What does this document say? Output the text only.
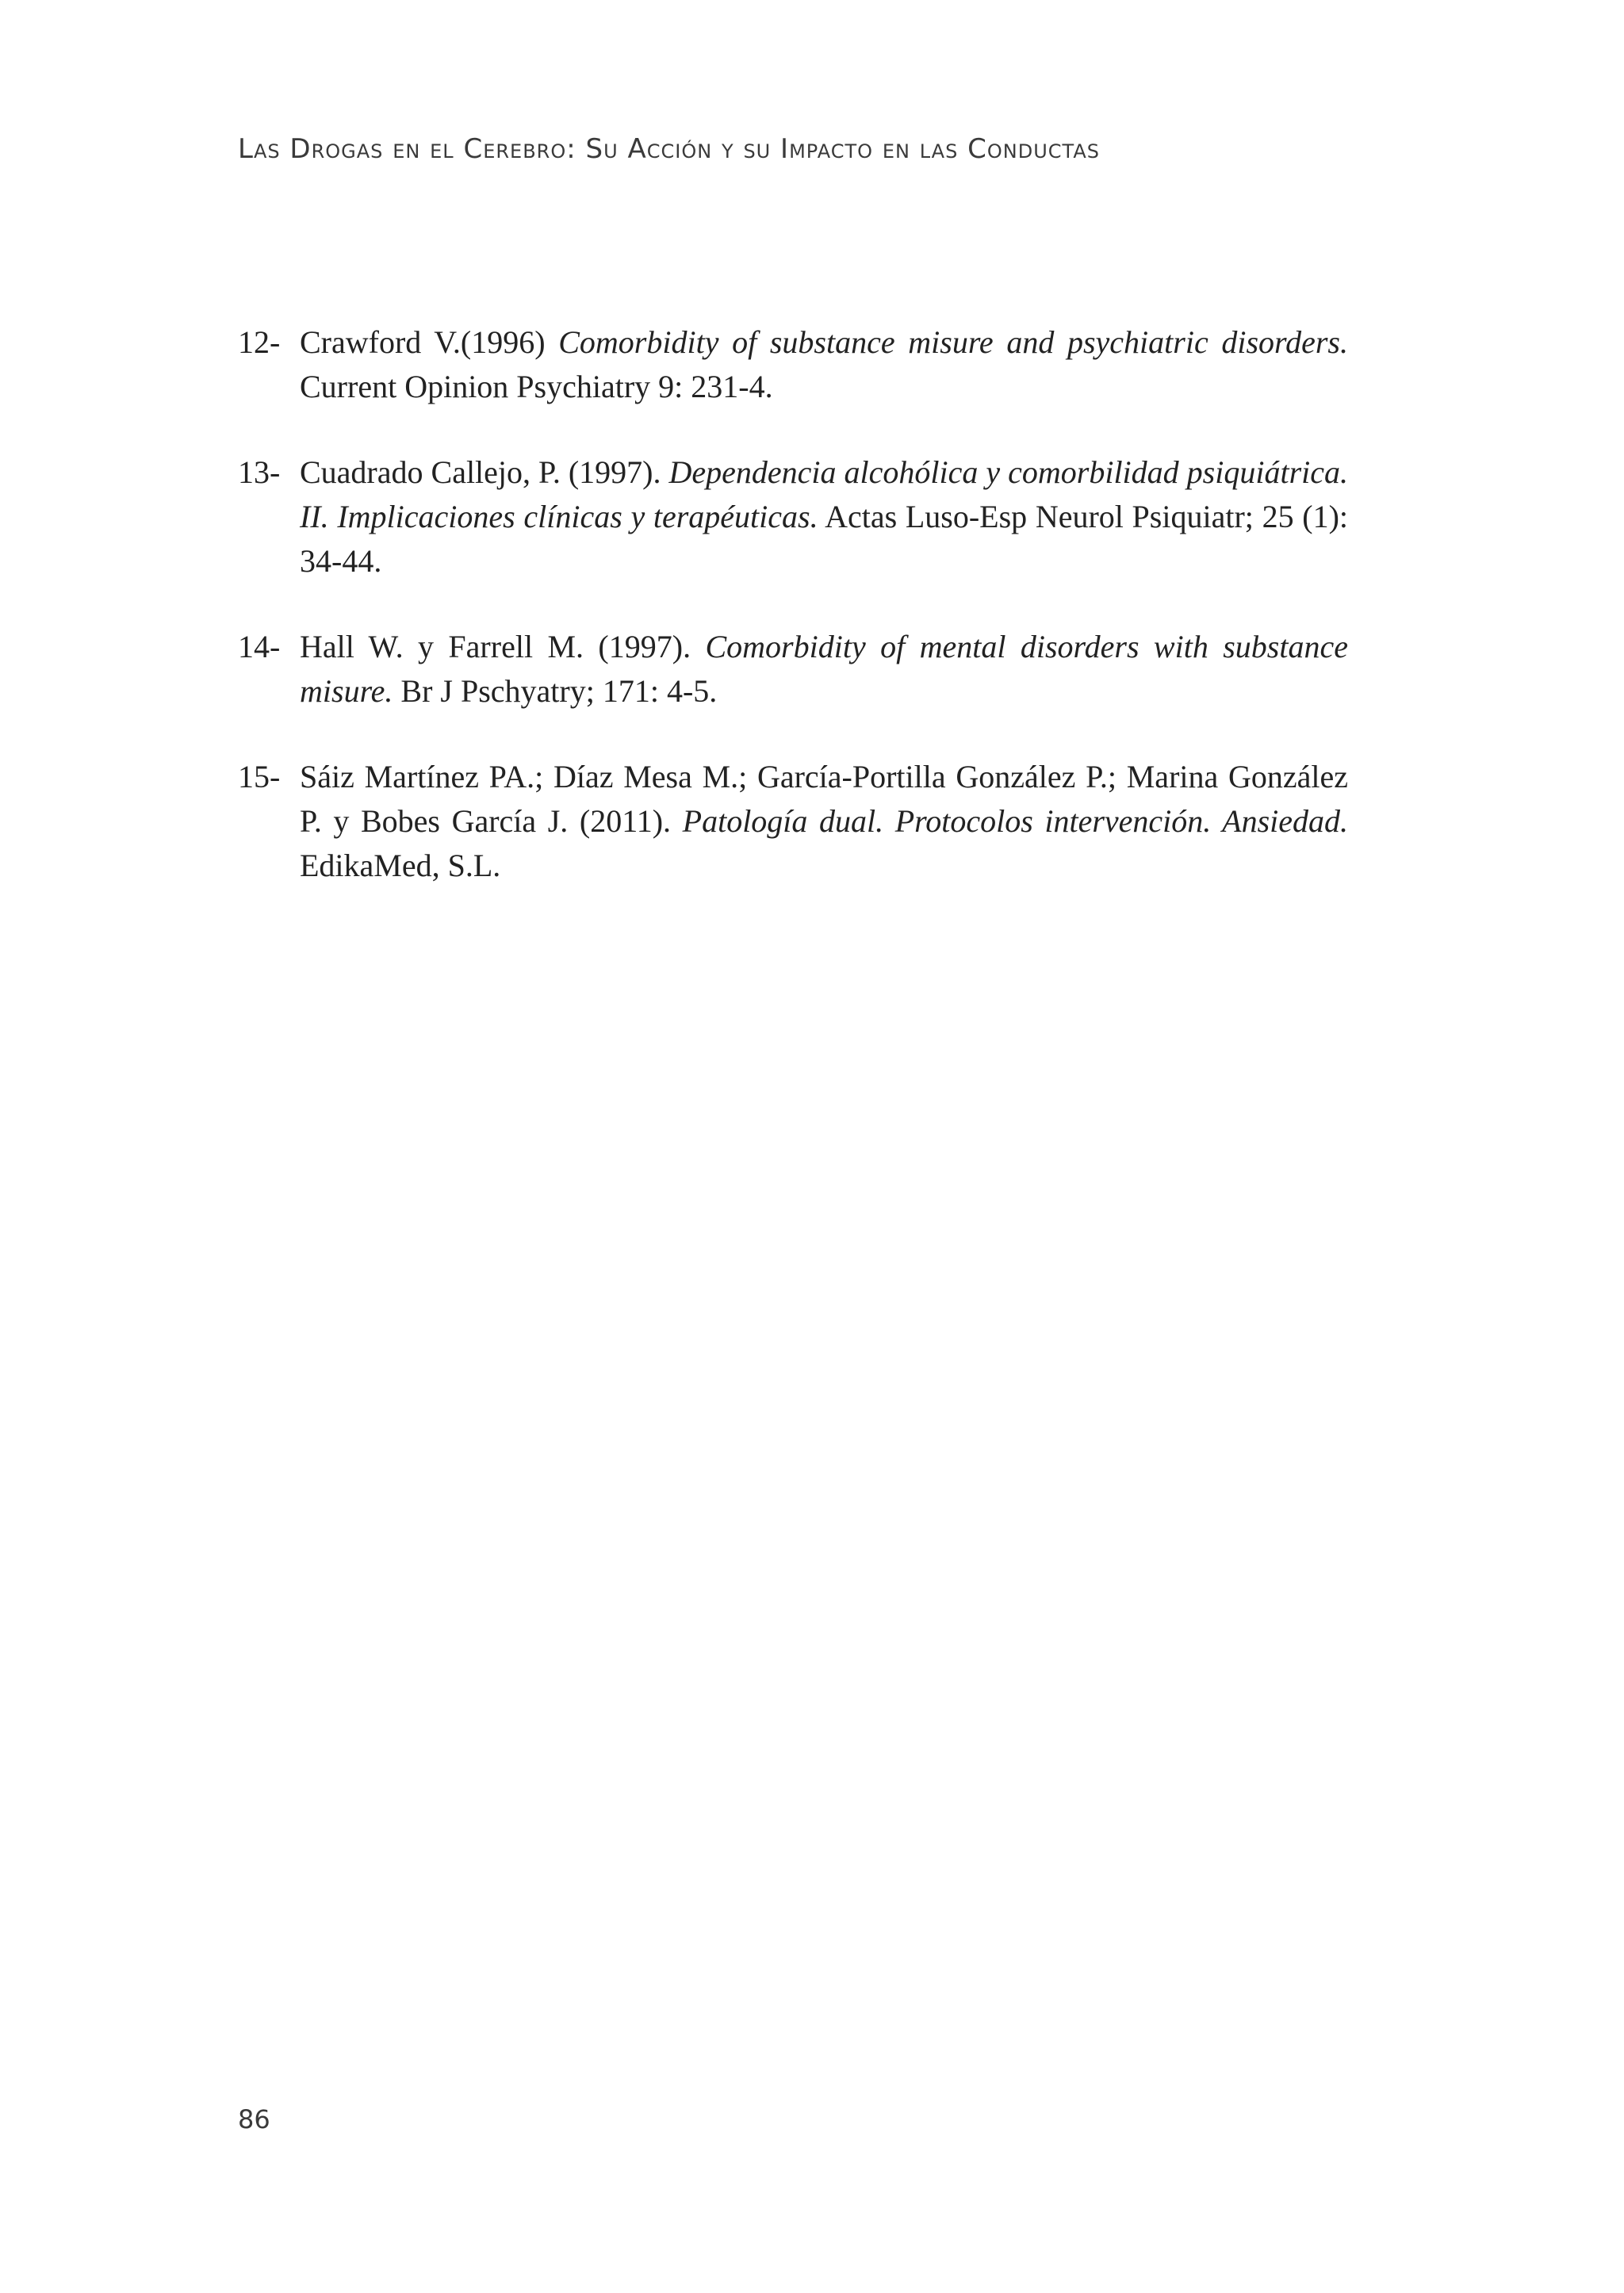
Las Drogas en el Cerebro: Su Acción y su Impacto en las Conductas

12- Crawford V.(1996) Comorbidity of substance misure and psychiatric disorders. Current Opinion Psychiatry 9: 231-4.

13- Cuadrado Callejo, P. (1997). Dependencia alcohólica y comorbilidad psiquiátrica. II. Implicaciones clínicas y terapéuticas. Actas Luso-Esp Neurol Psiquiatr; 25 (1): 34-44.

14- Hall W. y Farrell M. (1997). Comorbidity of mental disorders with substance misure. Br J Pschyatry; 171: 4-5.

15- Sáiz Martínez PA.; Díaz Mesa M.; García-Portilla González P.; Marina González P. y Bobes García J. (2011). Patología dual. Protocolos intervención. Ansiedad. EdikaMed, S.L.

86
